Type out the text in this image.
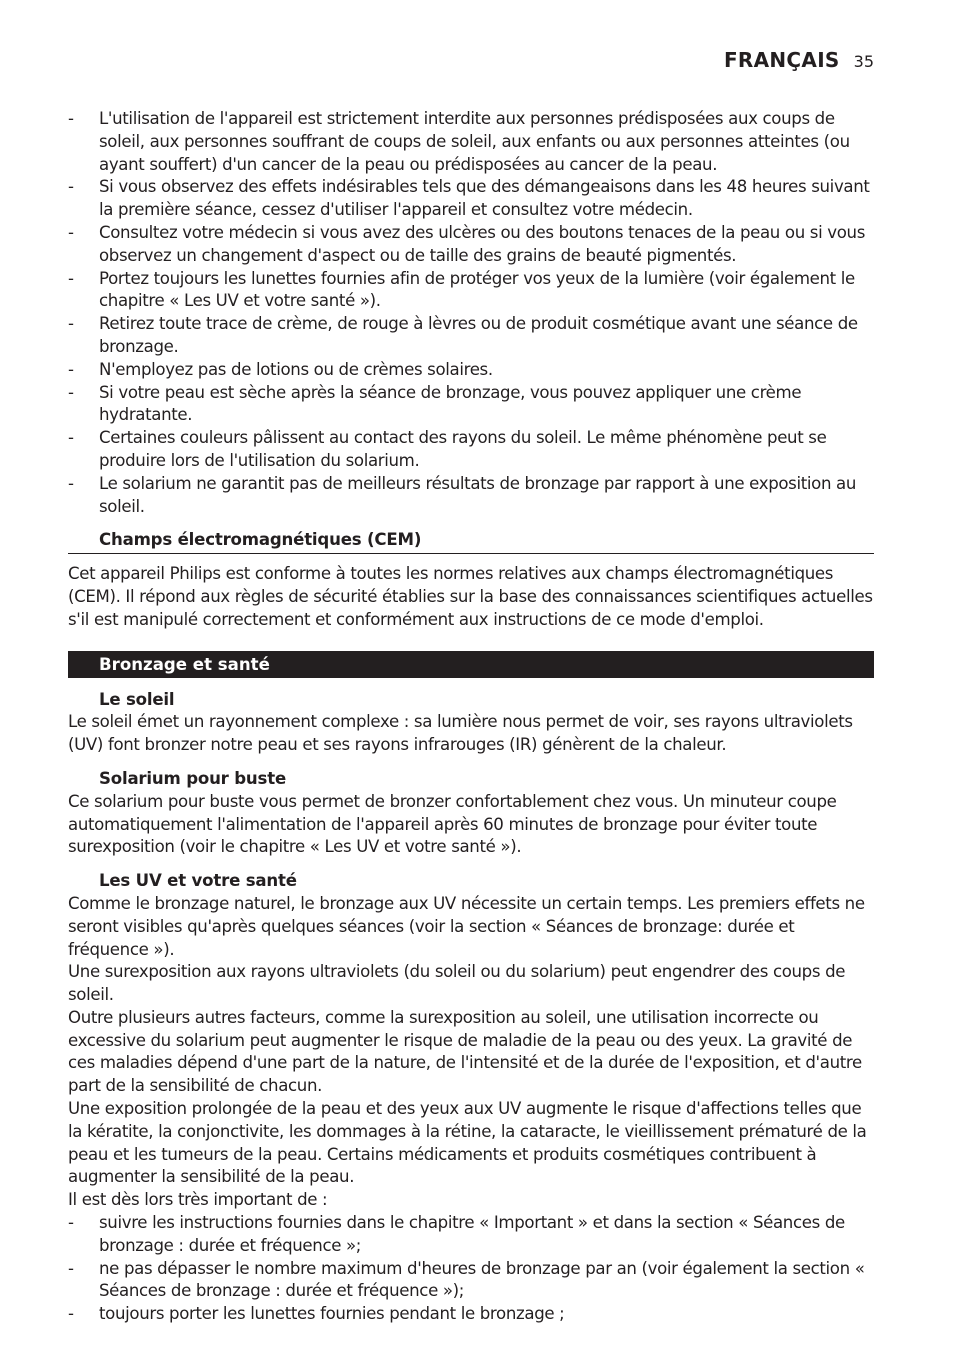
FRANÇAIS 35
- L'utilisation de l'appareil est strictement interdite aux personnes prédisposées aux coups de soleil, aux personnes souffrant de coups de soleil, aux enfants ou aux personnes atteintes (ou ayant souffert) d'un cancer de la peau ou prédisposées au cancer de la peau.
- Si vous observez des effets indésirables tels que des démangeaisons dans les 48 heures suivant la première séance, cessez d'utiliser l'appareil et consultez votre médecin.
- Consultez votre médecin si vous avez des ulcères ou des boutons tenaces de la peau ou si vous observez un changement d'aspect ou de taille des grains de beauté pigmentés.
- Portez toujours les lunettes fournies afin de protéger vos yeux de la lumière (voir également le chapitre « Les UV et votre santé »).
- Retirez toute trace de crème, de rouge à lèvres ou de produit cosmétique avant une séance de bronzage.
- N'employez pas de lotions ou de crèmes solaires.
- Si votre peau est sèche après la séance de bronzage, vous pouvez appliquer une crème hydratante.
- Certaines couleurs pâlissent au contact des rayons du soleil. Le même phénomène peut se produire lors de l'utilisation du solarium.
- Le solarium ne garantit pas de meilleurs résultats de bronzage par rapport à une exposition au soleil.
Champs électromagnétiques (CEM)

Cet appareil Philips est conforme à toutes les normes relatives aux champs électromagnétiques (CEM). Il répond aux règles de sécurité établies sur la base des connaissances scientifiques actuelles s'il est manipulé correctement et conformément aux instructions de ce mode d'emploi.

Bronzage et santé
Le soleil

Le soleil émet un rayonnement complexe : sa lumière nous permet de voir, ses rayons ultraviolets (UV) font bronzer notre peau et ses rayons infrarouges (IR) génèrent de la chaleur.

Solarium pour buste

Ce solarium pour buste vous permet de bronzer confortablement chez vous. Un minuteur coupe automatiquement l'alimentation de l'appareil après 60 minutes de bronzage pour éviter toute surexposition (voir le chapitre « Les UV et votre santé »).

Les UV et votre santé

Comme le bronzage naturel, le bronzage aux UV nécessite un certain temps. Les premiers effets ne seront visibles qu'après quelques séances (voir la section « Séances de bronzage: durée et fréquence »).

Une surexposition aux rayons ultraviolets (du soleil ou du solarium) peut engendrer des coups de soleil.

Outre plusieurs autres facteurs, comme la surexposition au soleil, une utilisation incorrecte ou excessive du solarium peut augmenter le risque de maladie de la peau ou des yeux. La gravité de ces maladies dépend d'une part de la nature, de l'intensité et de la durée de l'exposition, et d'autre part de la sensibilité de chacun.

Une exposition prolongée de la peau et des yeux aux UV augmente le risque d'affections telles que la kératite, la conjonctivite, les dommages à la rétine, la cataracte, le vieillissement prématuré de la peau et les tumeurs de la peau. Certains médicaments et produits cosmétiques contribuent à augmenter la sensibilité de la peau.

Il est dès lors très important de :

- suivre les instructions fournies dans le chapitre « Important » et dans la section « Séances de bronzage : durée et fréquence »;
- ne pas dépasser le nombre maximum d'heures de bronzage par an (voir également la section « Séances de bronzage : durée et fréquence »);
- toujours porter les lunettes fournies pendant le bronzage ;
